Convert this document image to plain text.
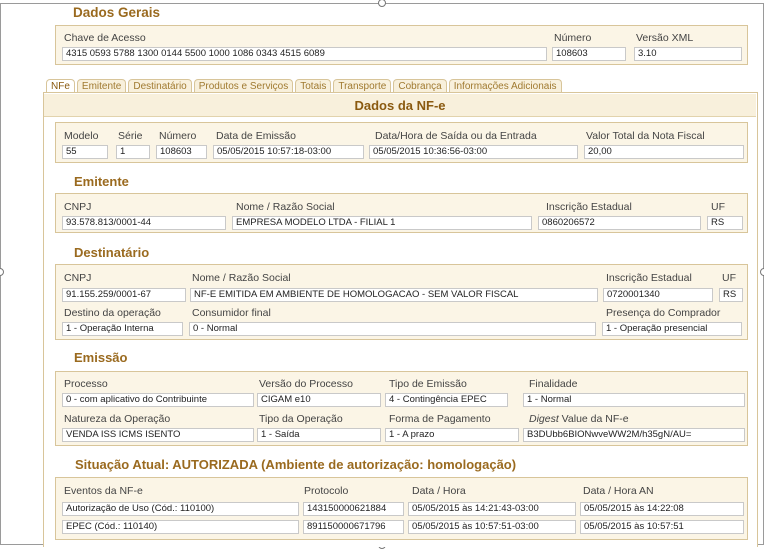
Dados Gerais
Chave de Acesso
4315 0593 5788 1300 0144 5500 1000 1086 0343 4515 6089
Número
108603
Versão XML
3.10
NFe	Emitente	Destinatário	Produtos e Serviços	Totais	Transporte	Cobrança	Informações Adicionais
Dados da NF-e
Modelo
55
Série
1
Número
108603
Data de Emissão
05/05/2015 10:57:18-03:00
Data/Hora de Saída ou da Entrada
05/05/2015 10:36:56-03:00
Valor Total da Nota Fiscal
20,00
Emitente
CNPJ
93.578.813/0001-44
Nome / Razão Social
EMPRESA MODELO LTDA - FILIAL 1
Inscrição Estadual
0860206572
UF
RS
Destinatário
CNPJ
91.155.259/0001-67
Nome / Razão Social
NF-E EMITIDA EM AMBIENTE DE HOMOLOGACAO - SEM VALOR FISCAL
Inscrição Estadual
0720001340
UF
RS
Destino da operação
1 - Operação Interna
Consumidor final
0 - Normal
Presença do Comprador
1 - Operação presencial
Emissão
Processo
0 - com aplicativo do Contribuinte
Versão do Processo
CIGAM e10
Tipo de Emissão
4 - Contingência EPEC
Finalidade
1 - Normal
Natureza da Operação
VENDA ISS ICMS ISENTO
Tipo da Operação
1 - Saída
Forma de Pagamento
1 - A prazo
Digest Value da NF-e
B3DUbb6BIONwveWW2M/h35gN/AU=
Situação Atual: AUTORIZADA (Ambiente de autorização: homologação)
Eventos da NF-e	Protocolo	Data / Hora	Data / Hora AN
Autorização de Uso (Cód.: 110100)	143150000621884	05/05/2015 às 14:21:43-03:00	05/05/2015 às 14:22:08
EPEC (Cód.: 110140)	891150000671796	05/05/2015 às 10:57:51-03:00	05/05/2015 às 10:57:51
